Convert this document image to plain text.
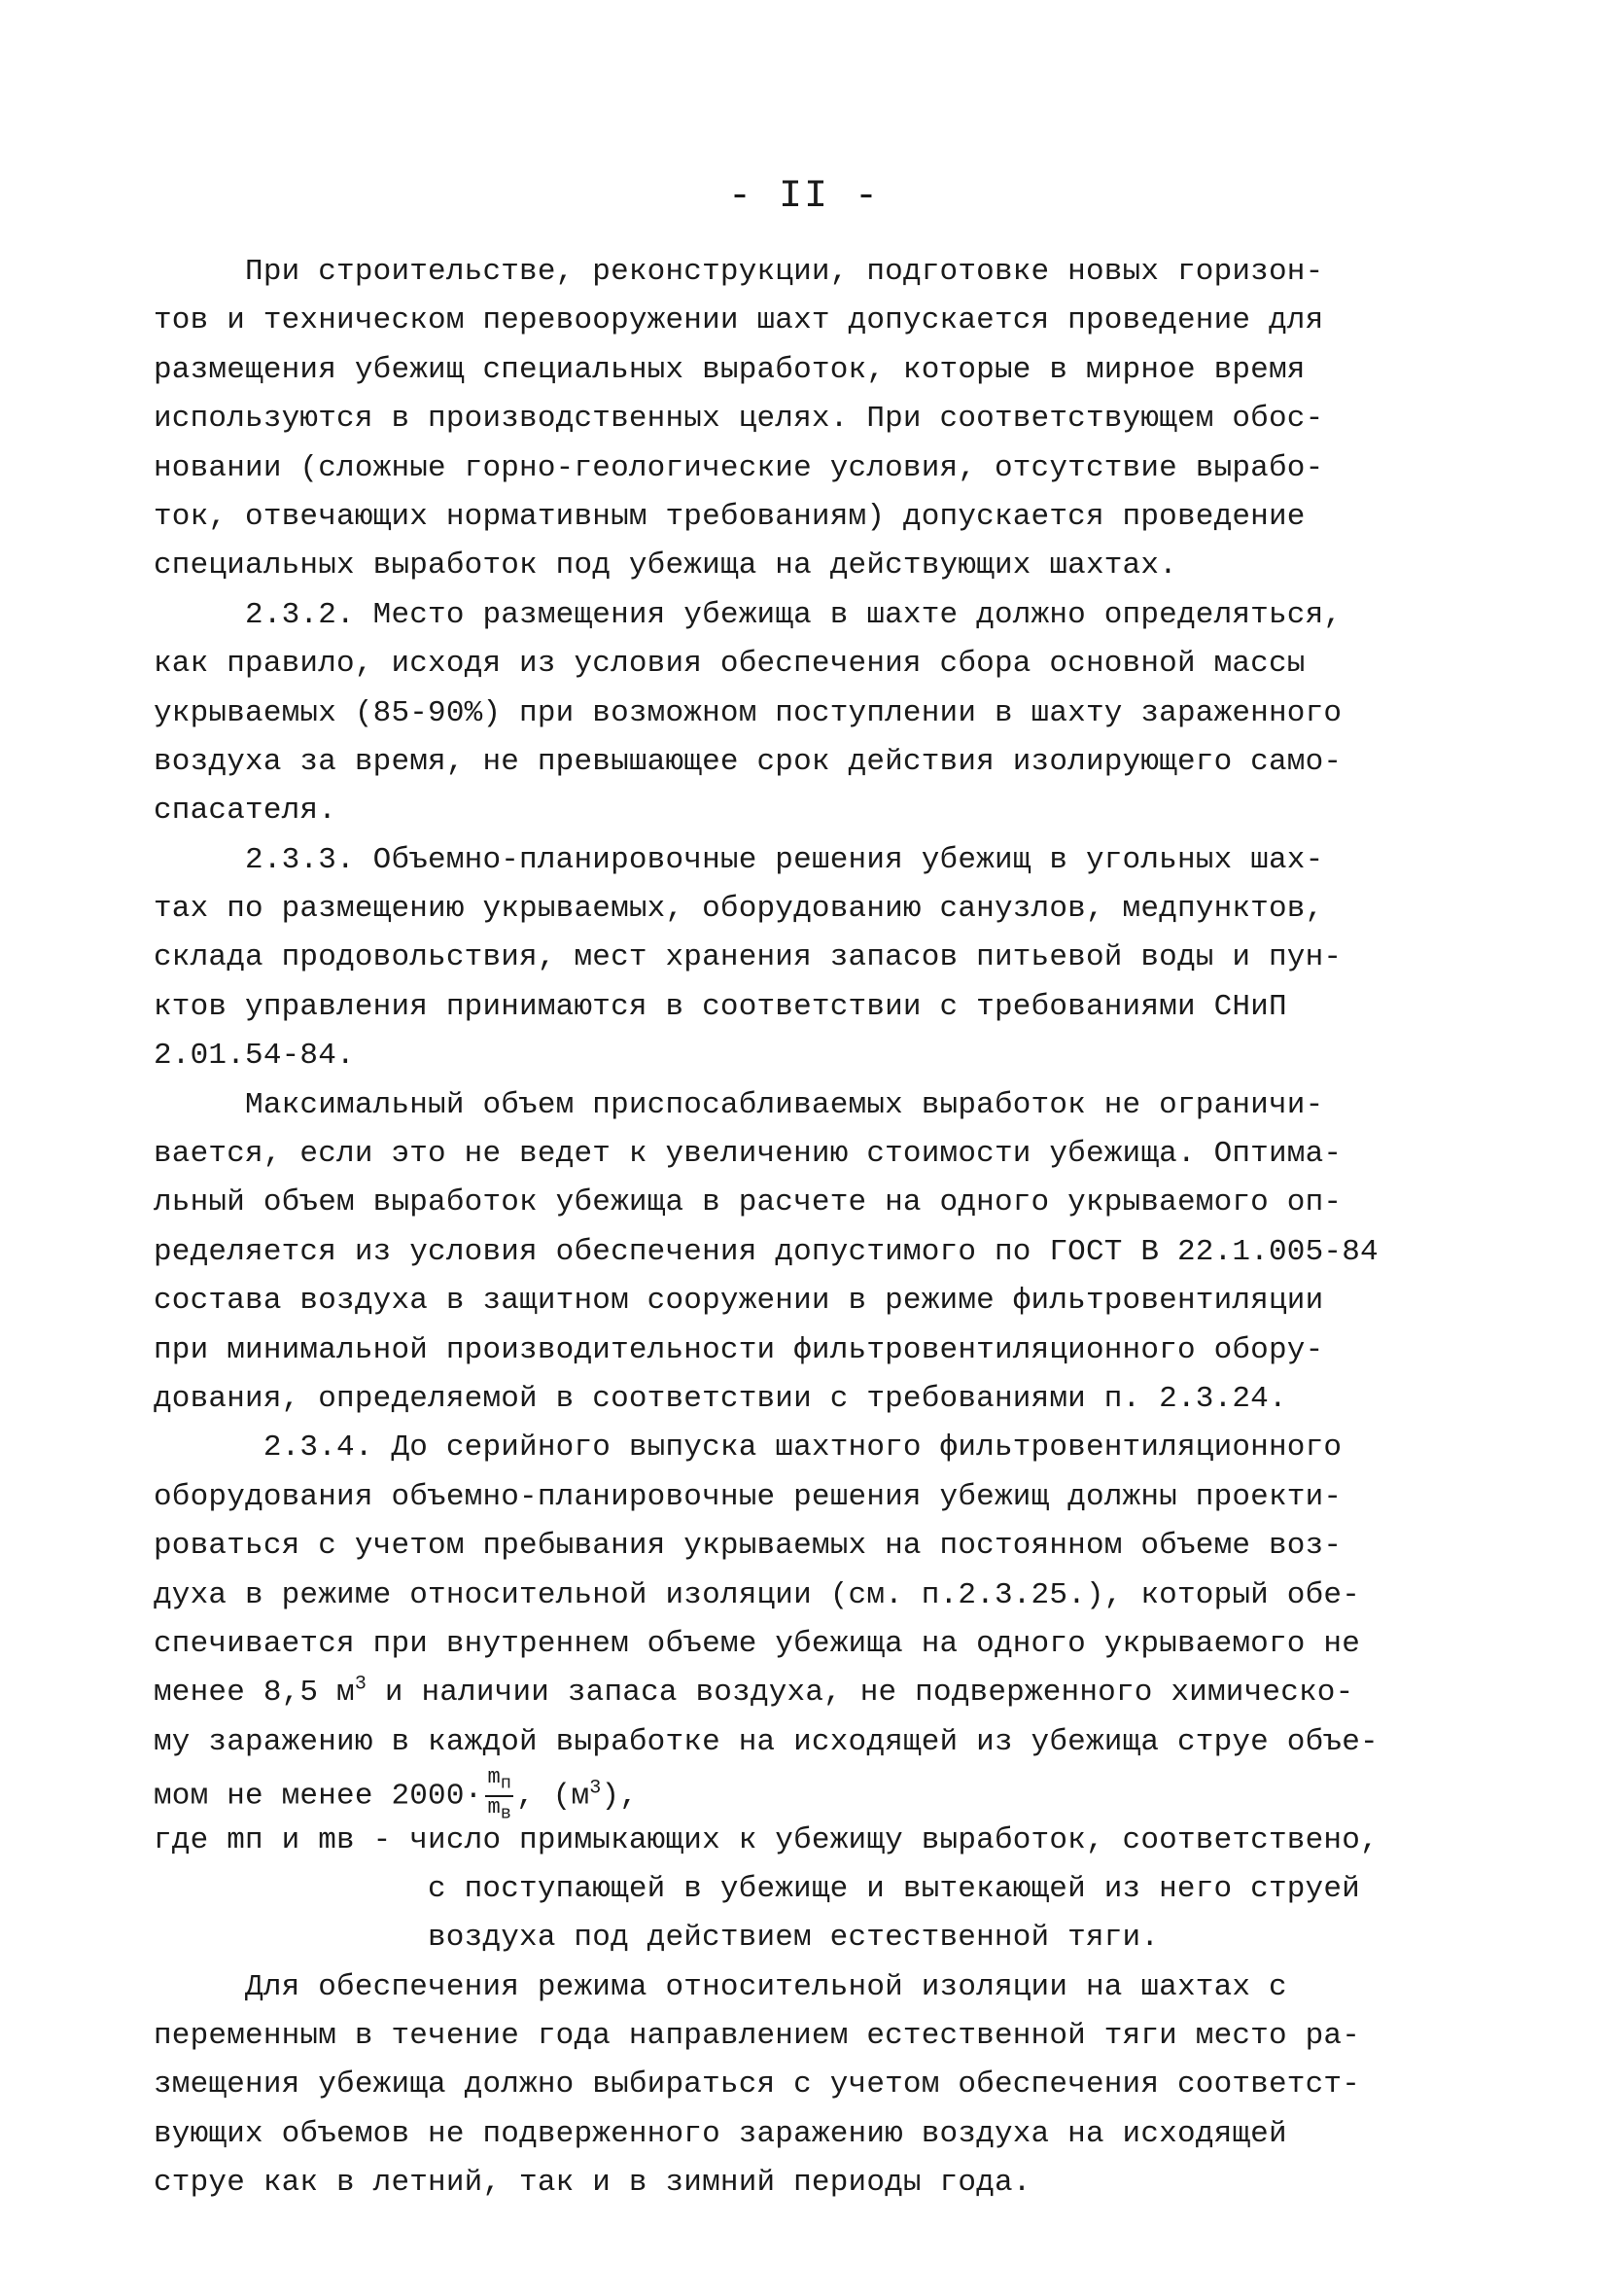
- II -
При строительстве, реконструкции, подготовке новых горизон-
тов и техническом перевооружении шахт допускается проведение для
размещения убежищ специальных выработок, которые в мирное время
используются в производственных целях. При соответствующем обос-
новании (сложные горно-геологические условия, отсутствие вырабо-
ток, отвечающих нормативным требованиям) допускается проведение
специальных выработок под убежища на действующих шахтах.
2.3.2. Место размещения убежища в шахте должно определяться,
как правило, исходя из условия обеспечения сбора основной массы
укрываемых (85-90%) при возможном поступлении в шахту зараженного
воздуха за время, не превышающее срок действия изолирующего само-
спасателя.
2.3.3. Объемно-планировочные решения убежищ в угольных шах-
тах по размещению укрываемых, оборудованию санузлов, медпунктов,
склада продовольствия, мест хранения запасов питьевой воды и пун-
ктов управления принимаются в соответствии с требованиями СНиП
2.01.54-84.
Максимальный объем приспосабливаемых выработок не ограничи-
вается, если это не ведет к увеличению стоимости убежища. Оптима-
льный объем выработок убежища в расчете на одного укрываемого оп-
ределяется из условия обеспечения допустимого по ГОСТ В 22.1.005-84
состава воздуха в защитном сооружении в режиме фильтровентиляции
при минимальной производительности фильтровентиляционного обору-
дования, определяемой в соответствии с требованиями п. 2.3.24.
2.3.4. До серийного выпуска шахтного фильтровентиляционного
оборудования объемно-планировочные решения убежищ должны проекти-
роваться с учетом пребывания укрываемых на постоянном объеме воз-
духа в режиме относительной изоляции (см. п.2.3.25.), который обе-
спечивается при внутреннем объеме убежища на одного укрываемого не
менее 8,5 $м^3$ и наличии запаса воздуха, не подверженного химическо-
му заражению в каждой выработке на исходящей из убежища струе объе-
мом не менее $2000\cdot \frac{m_п}{m_в}$ , $(м^3)$,
где mп и mв - число примыкающих к убежищу выработок, соответствено,
с поступающей в убежище и вытекающей из него струей
воздуха под действием естественной тяги.
Для обеспечения режима относительной изоляции на шахтах с
переменным в течение года направлением естественной тяги место ра-
змещения убежища должно выбираться с учетом обеспечения соответст-
вующих объемов не подверженного заражению воздуха на исходящей
струе как в летний, так и в зимний периоды года.
